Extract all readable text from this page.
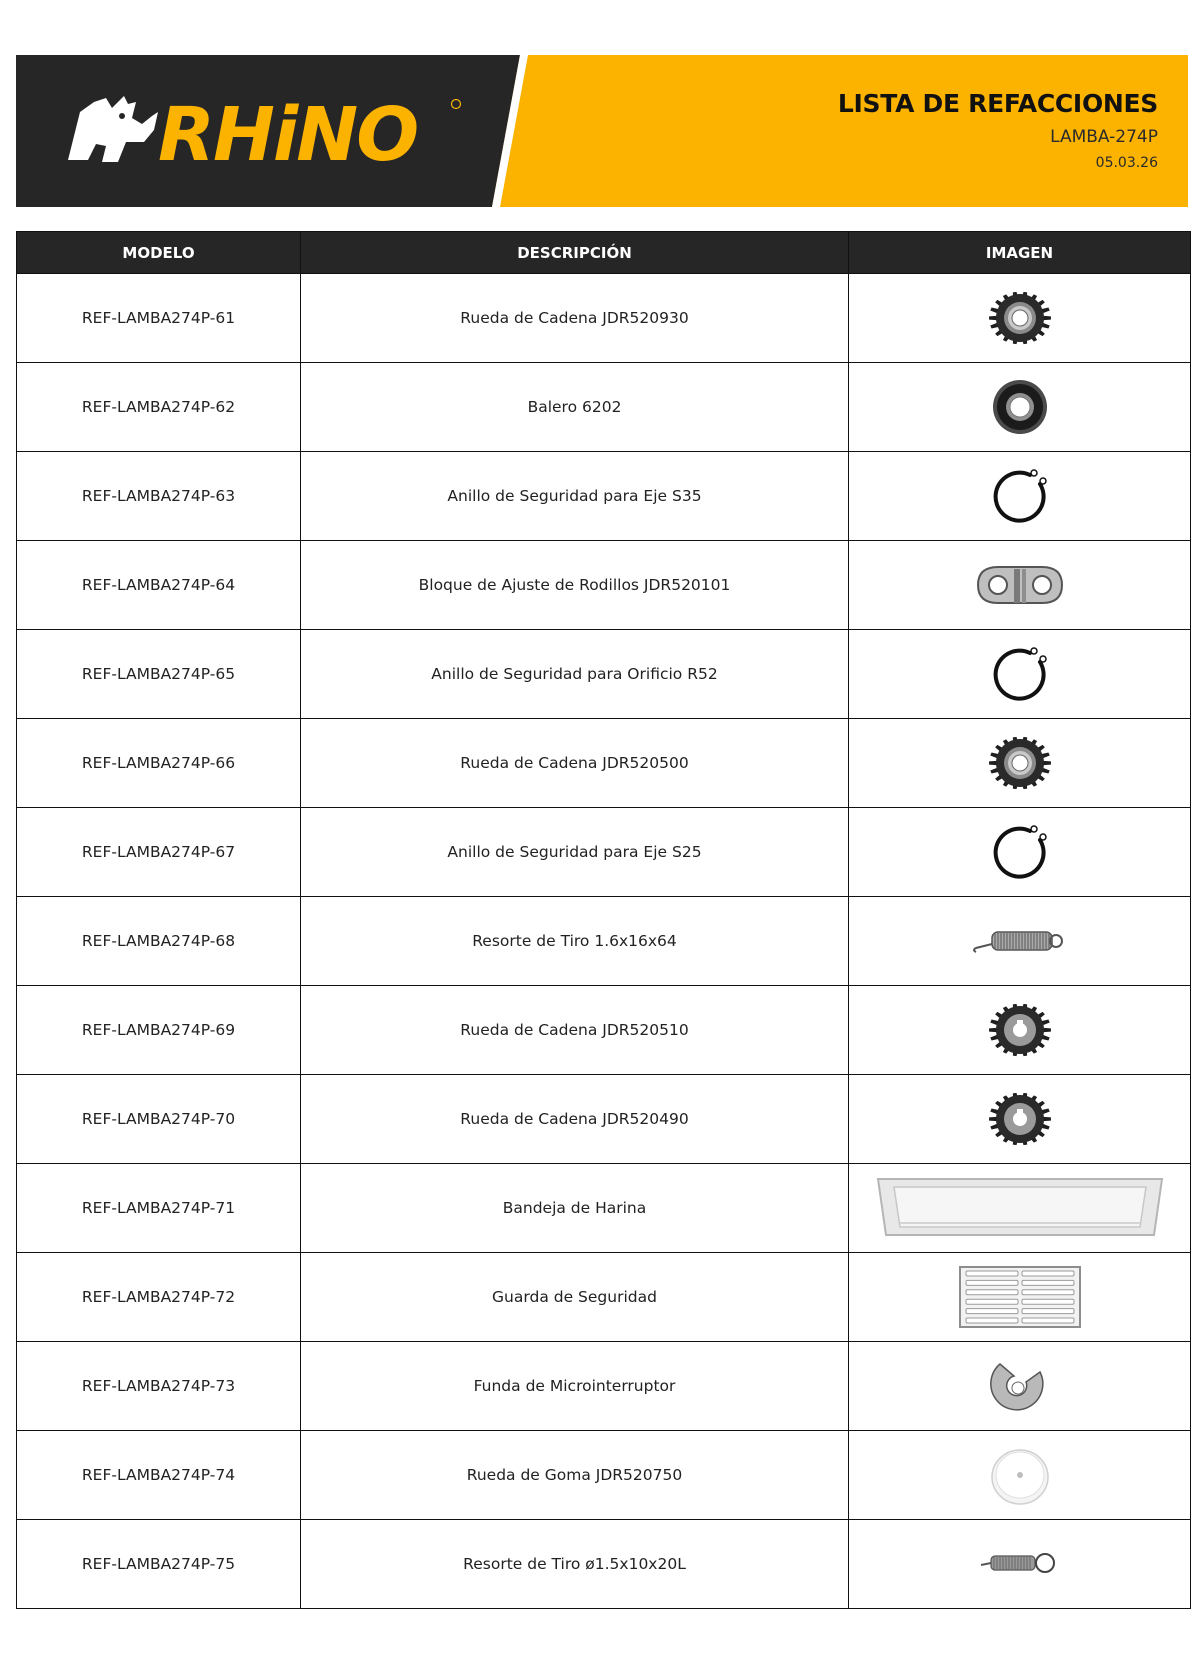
RHiNO	LISTA DE REFACCIONES
LAMBA-274P
05.03.26
MODELO	DESCRIPCIÓN	IMAGEN
REF-LAMBA274P-61	Rueda de Cadena JDR520930	

REF-LAMBA274P-62	Balero 6202	

REF-LAMBA274P-63	Anillo de Seguridad para Eje S35	

REF-LAMBA274P-64	Bloque de Ajuste de Rodillos JDR520101	

REF-LAMBA274P-65	Anillo de Seguridad para Orificio R52	

REF-LAMBA274P-66	Rueda de Cadena JDR520500	

REF-LAMBA274P-67	Anillo de Seguridad para Eje S25	

REF-LAMBA274P-68	Resorte de Tiro 1.6x16x64	

REF-LAMBA274P-69	Rueda de Cadena JDR520510	

REF-LAMBA274P-70	Rueda de Cadena JDR520490	

REF-LAMBA274P-71	Bandeja de Harina	

REF-LAMBA274P-72	Guarda de Seguridad	

REF-LAMBA274P-73	Funda de Microinterruptor	

REF-LAMBA274P-74	Rueda de Goma JDR520750	

REF-LAMBA274P-75	Resorte de Tiro ø1.5x10x20L	
